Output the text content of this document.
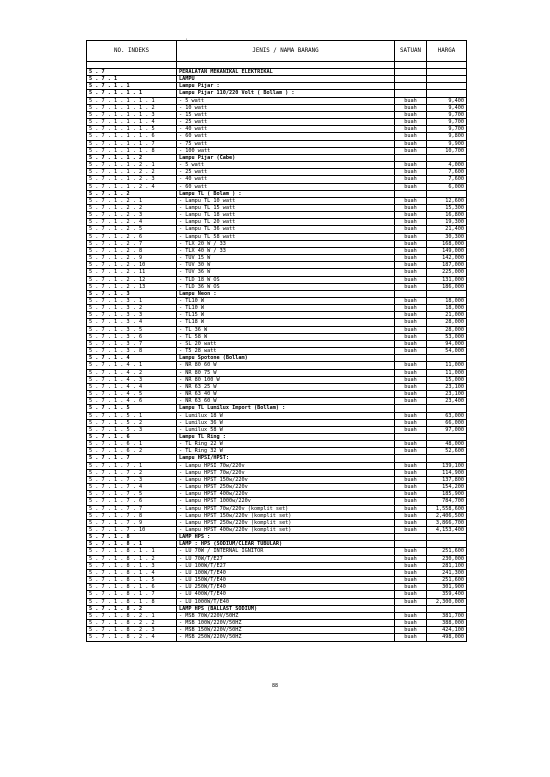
'
NO. INDEKS	JENIS / NAMA BARANG	SATUAN	HARGA

5 . 7	PERALATAN MEKANIKAL ELEKTRIKAL		
5 . 7 . 1	LAMPU		
5 . 7 . 1 . 1	Lampu Pijar :		
5 . 7 . 1 . 1 . 1	Lampu Pijar 110/220 Volt ( Bollam ) :		
5 . 7 . 1 . 1 . 1 . 1	- 5 watt	buah	9,400
5 . 7 . 1 . 1 . 1 . 2	- 10 watt	buah	9,400
5 . 7 . 1 . 1 . 1 . 3	- 15 watt	buah	9,700
5 . 7 . 1 . 1 . 1 . 4	- 25 watt	buah	9,700
5 . 7 . 1 . 1 . 1 . 5	- 40 watt	buah	9,700
5 . 7 . 1 . 1 . 1 . 6	- 60 watt	buah	9,800
5 . 7 . 1 . 1 . 1 . 7	- 75 watt	buah	9,900
5 . 7 . 1 . 1 . 1 . 8	- 100 watt	buah	10,700
5 . 7 . 1 . 1 . 2	Lampu Pijar (Cabe)		
5 . 7 . 1 . 1 . 2 . 1	- 5 watt	buah	4,000
5 . 7 . 1 . 1 . 2 . 2	- 25 watt	buah	7,600
5 . 7 . 1 . 1 . 2 . 3	- 40 watt	buah	7,600
5 . 7 . 1 . 1 . 2 . 4	- 60 watt	buah	6,000
5 . 7 . 1 . 2	Lampu TL ( Bolam ) :		
5 . 7 . 1 . 2 . 1	- Lampu TL 10 watt	buah	12,600
5 . 7 . 1 . 2 . 2	- Lampu TL 15 watt	buah	15,300
5 . 7 . 1 . 2 . 3	- Lampu TL 18 watt	buah	16,800
5 . 7 . 1 . 2 . 4	- Lampu TL 20 watt	buah	19,300
5 . 7 . 1 . 2 . 5	- Lampu TL 36 watt	buah	21,400
5 . 7 . 1 . 2 . 6	- Lampu TL 58 watt	buah	30,300
5 . 7 . 1 . 2 . 7	- TLX 20 W / 33	buah	168,000
5 . 7 . 1 . 2 . 8	- TLX 40 W / 33	buah	149,000
5 . 7 . 1 . 2 . 9	- TUV 15 W	buah	142,000
5 . 7 . 1 . 2 . 10	- TUV 30 W	buah	187,000
5 . 7 . 1 . 2 . 11	- TUV 36 W	buah	225,000
5 . 7 . 1 . 2 . 12	- TLD 18 W OS	buah	131,000
5 . 7 . 1 . 2 . 13	- TLD 36 W OS	buah	186,000
5 . 7 . 1 . 3	Lampu Neon :		
5 . 7 . 1 . 3 . 1	- TL10 W	buah	18,000
5 . 7 . 1 . 3 . 2	- TL10 W	buah	18,000
5 . 7 . 1 . 3 . 3	- TL15 W	buah	21,000
5 . 7 . 1 . 3 . 4	- TL18 W	buah	28,000
5 . 7 . 1 . 3 . 5	- TL 36 W	buah	28,000
5 . 7 . 1 . 3 . 6	- TL 58 W	buah	53,000
5 . 7 . 1 . 3 . 7	- SL 20 watt	buah	94,000
5 . 7 . 1 . 3 . 8	- T5 28 watt	buah	54,000
5 . 7 . 1 . 4	Lampu Spotone (Bollam)		
5 . 7 . 1 . 4 . 1	- NR 80 60 W	buah	11,000
5 . 7 . 1 . 4 . 2	- NR 80 75 W	buah	11,000
5 . 7 . 1 . 4 . 3	- NR 80 100 W	buah	15,000
5 . 7 . 1 . 4 . 4	- NR 63 25 W	buah	23,100
5 . 7 . 1 . 4 . 5	- NR 63 40 W	buah	23,100
5 . 7 . 1 . 4 . 6	- NR 63 60 W	buah	23,400
5 . 7 . 1 . 5	Lampu TL Lumilux Import (Bollam) :		
5 . 7 . 1 . 5 . 1	- Lumilux 18 W	buah	63,000
5 . 7 . 1 . 5 . 2	- Lumilux 36 W	buah	66,000
5 . 7 . 1 . 5 . 3	- Lumilux 58 W	buah	97,000
5 . 7 . 1 . 6	Lampu TL Ring :		
5 . 7 . 1 . 6 . 1	- TL Ring 22 W	buah	48,000
5 . 7 . 1 . 6 . 2	- TL Ring 32 W	buah	52,600
5 . 7 . 1 . 7	Lampu HPSI/HPST:		
5 . 7 . 1 . 7 . 1	- Lampu HPSI 70w/220v	buah	139,100
5 . 7 . 1 . 7 . 2	- Lampu HPST 70w/220v	buah	114,900
5 . 7 . 1 . 7 . 3	- Lampu HPST 150w/220v	buah	137,800
5 . 7 . 1 . 7 . 4	- Lampu HPST 250w/220v	buah	154,200
5 . 7 . 1 . 7 . 5	- Lampu HPST 400w/220v	buah	185,900
5 . 7 . 1 . 7 . 6	- Lampu HPST 1000w/220v	buah	784,700
5 . 7 . 1 . 7 . 7	- Lampu HPST 70w/220v (komplit set)	buah	1,558,600
5 . 7 . 1 . 7 . 8	- Lampu HPST 150w/220v (komplit set)	buah	2,406,500
5 . 7 . 1 . 7 . 9	- Lampu HPST 250w/220v (komplit set)	buah	3,866,700
5 . 7 . 1 . 7 . 10	- Lampu HPST 400w/220v (komplit set)	buah	4,153,400
5 . 7 . 1 . 8	LAMP HPS :		
5 . 7 . 1 . 8 . 1	LAMP : HPS (SODIUM/CLEAR TUBULAR)		
5 . 7 . 1 . 8 . 1 . 1	- LU 70W / INTERNAL IGNITOR	buah	251,600
5 . 7 . 1 . 8 . 1 . 2	- LU 70W/T/E27	buah	230,000
5 . 7 . 1 . 8 . 1 . 3	- LU 100W/T/E27	buah	281,100
5 . 7 . 1 . 8 . 1 . 4	- LU 100W/T/E40	buah	241,300
5 . 7 . 1 . 8 . 1 . 5	- LU 150W/T/E40	buah	251,600
5 . 7 . 1 . 8 . 1 . 6	- LU 250W/T/E40	buah	301,900
5 . 7 . 1 . 8 . 1 . 7	- LU 400W/T/E40	buah	359,400
5 . 7 . 1 . 8 . 1 . 8	- LU 1000W/T/E40	buah	2,300,000
5 . 7 . 1 . 8 . 2	LAMP HPS (BALLAST SODIUM)		
5 . 7 . 1 . 8 . 2 . 1	- MSB 70W/220V/50HZ	buah	381,700
5 . 7 . 1 . 8 . 2 . 2	- MSB 100W/220V/50HZ	buah	388,000
5 . 7 . 1 . 8 . 2 . 3	- MSB 150W/220V/50HZ	buah	424,100
5 . 7 . 1 . 8 . 2 . 4	- MSB 250W/220V/50HZ	buah	498,000
88
